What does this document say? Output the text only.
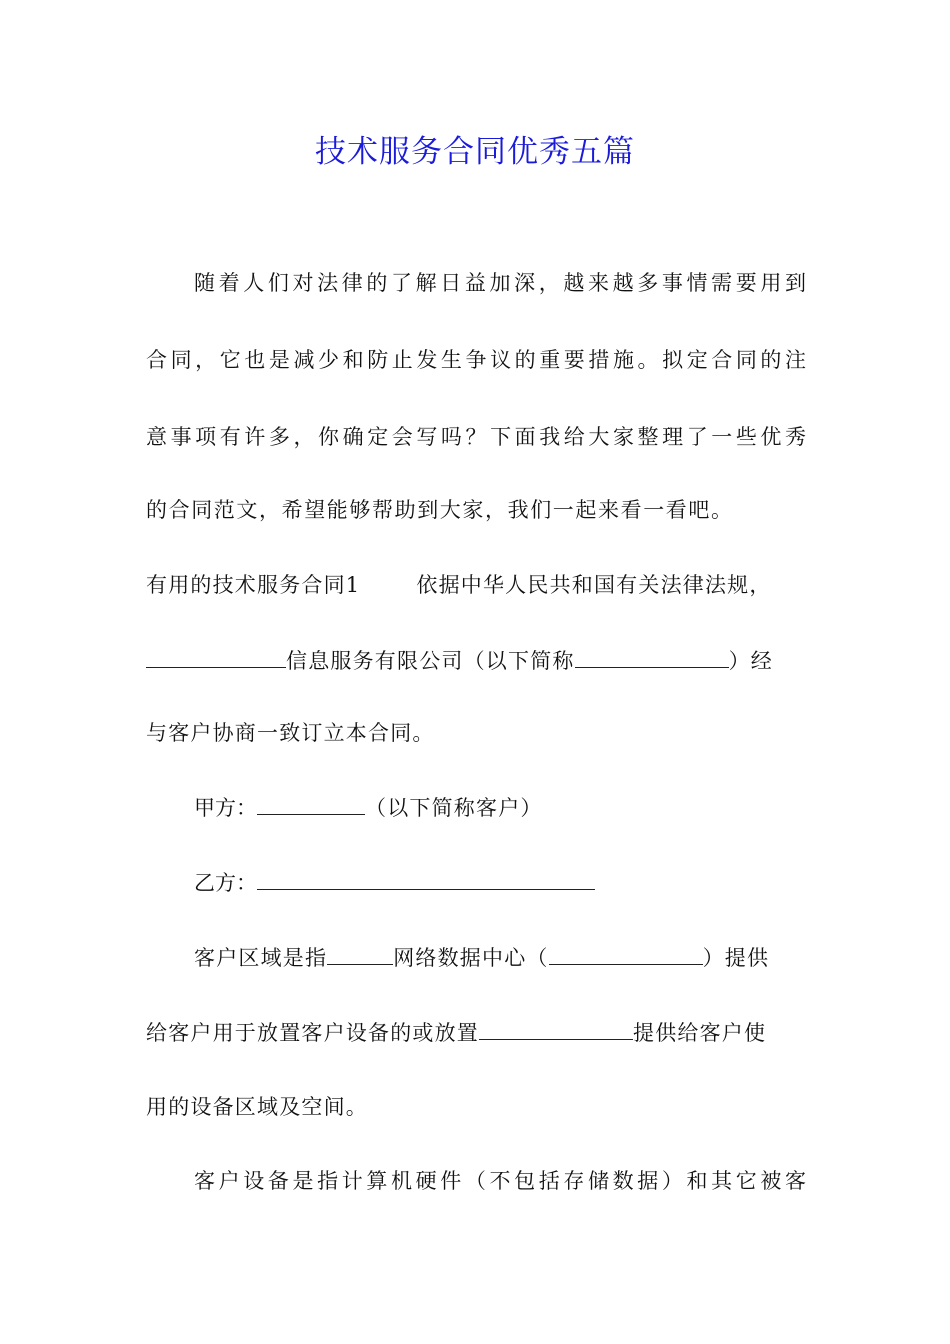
技术服务合同优秀五篇
随着人们对法律的了解日益加深，越来越多事情需要用到
合同，它也是减少和防止发生争议的重要措施。拟定合同的注
意事项有许多，你确定会写吗？下面我给大家整理了一些优秀
的合同范文，希望能够帮助到大家，我们一起来看一看吧。
有用的技术服务合同1	依据中华人民共和国有关法律法规，
信息服务有限公司（以下简称	）经
与客户协商一致订立本合同。
甲方：	（以下简称客户）
乙方：
客户区域是指	网络数据中心（	）提供
给客户用于放置客户设备的或放置	提供给客户使
用的设备区域及空间。
客户设备是指计算机硬件（不包括存储数据）和其它被客
